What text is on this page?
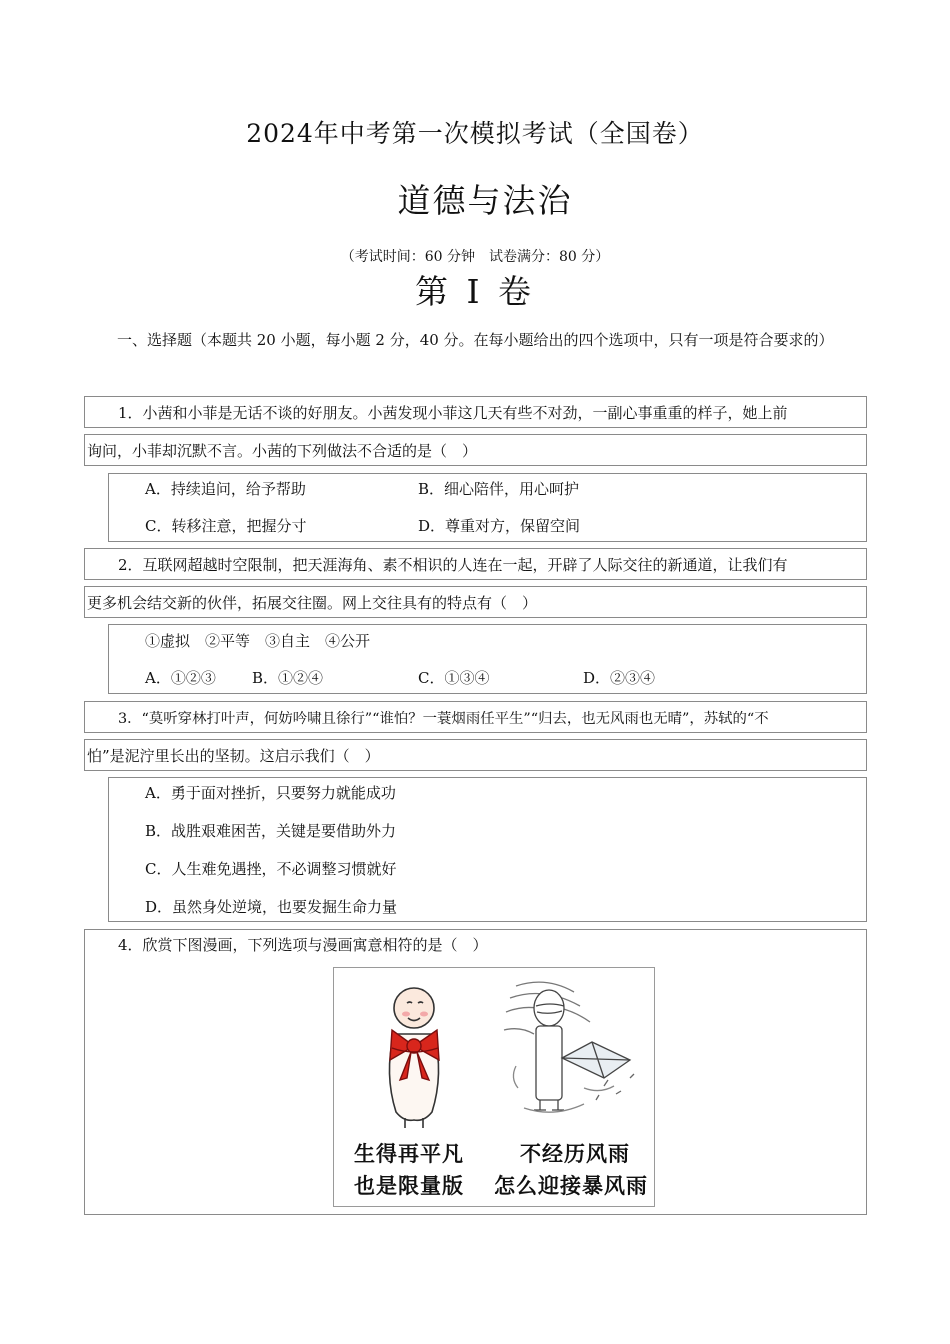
2024年中考第一次模拟考试（全国卷）
道德与法治
（考试时间：60 分钟　试卷满分：80 分）
第 I 卷
一、选择题（本题共 20 小题，每小题 2 分，40 分。在每小题给出的四个选项中，只有一项是符合要求的）
1．小茜和小菲是无话不谈的好朋友。小茜发现小菲这几天有些不对劲，一副心事重重的样子，她上前
询问，小菲却沉默不言。小茜的下列做法不合适的是（　）
A．持续追问，给予帮助	B．细心陪伴，用心呵护
C．转移注意，把握分寸	D．尊重对方，保留空间
2．互联网超越时空限制，把天涯海角、素不相识的人连在一起，开辟了人际交往的新通道，让我们有
更多机会结交新的伙伴，拓展交往圈。网上交往具有的特点有（　）
①虚拟　②平等　③自主　④公开
A．①②③ B．①②④	C．①③④	D．②③④
3．“莫听穿林打叶声，何妨吟啸且徐行”“谁怕？一蓑烟雨任平生”“归去，也无风雨也无晴”，苏轼的“不
怕”是泥泞里长出的坚韧。这启示我们（　）
A．勇于面对挫折，只要努力就能成功
B．战胜艰难困苦，关键是要借助外力
C．人生难免遇挫，不必调整习惯就好
D．虽然身处逆境，也要发掘生命力量
4．欣赏下图漫画，下列选项与漫画寓意相符的是（　）
生得再平凡
也是限量版
不经历风雨
怎么迎接暴风雨
